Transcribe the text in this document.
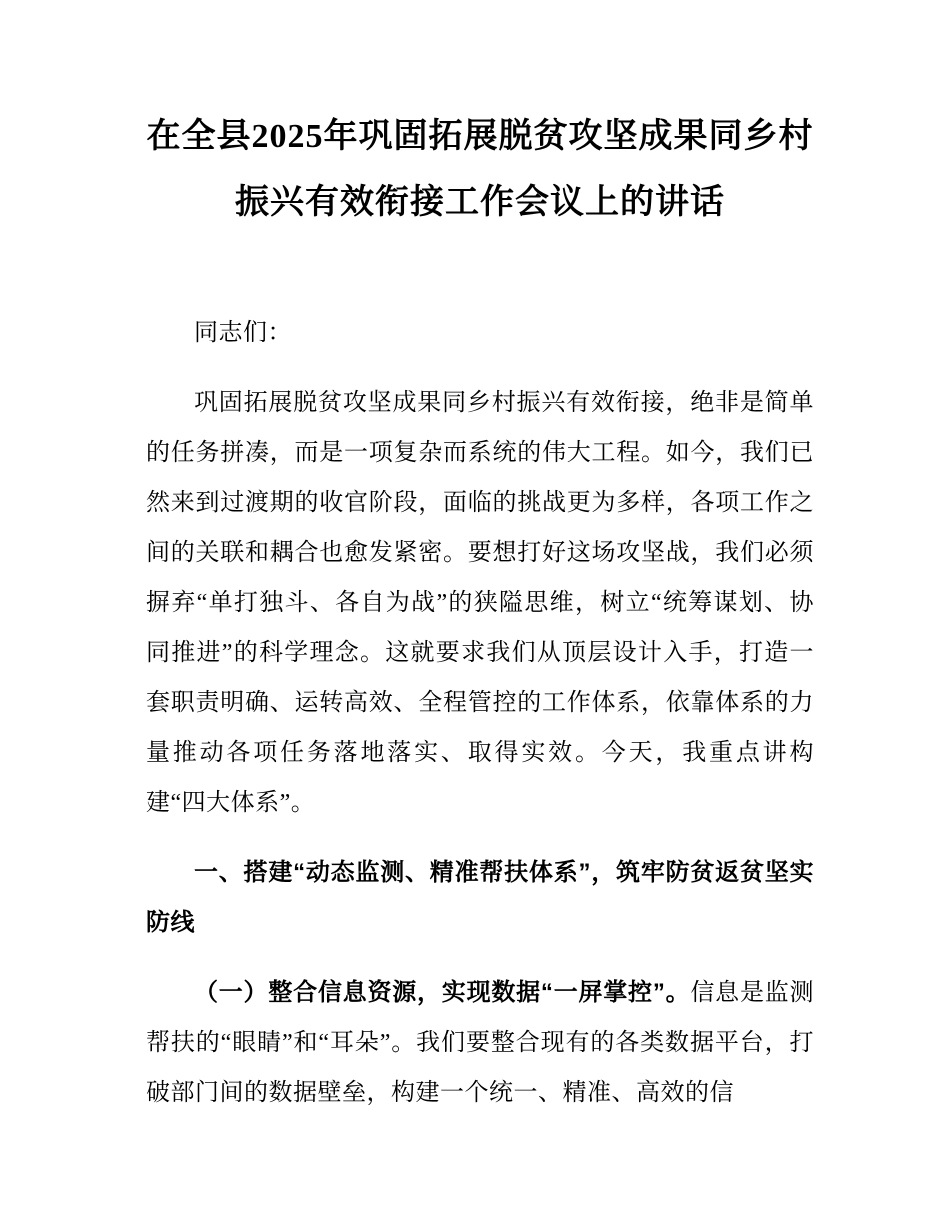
在全县2025年巩固拓展脱贫攻坚成果同乡村
振兴有效衔接工作会议上的讲话

同志们：

巩固拓展脱贫攻坚成果同乡村振兴有效衔接，绝非是简单的任务拼凑，而是一项复杂而系统的伟大工程。如今，我们已然来到过渡期的收官阶段，面临的挑战更为多样，各项工作之间的关联和耦合也愈发紧密。要想打好这场攻坚战，我们必须摒弃“单打独斗、各自为战”的狭隘思维，树立“统筹谋划、协同推进”的科学理念。这就要求我们从顶层设计入手，打造一套职责明确、运转高效、全程管控的工作体系，依靠体系的力量推动各项任务落地落实、取得实效。今天，我重点讲构建“四大体系”。

一、搭建“动态监测、精准帮扶体系”，筑牢防贫返贫坚实防线

（一）整合信息资源，实现数据“一屏掌控”。信息是监测帮扶的“眼睛”和“耳朵”。我们要整合现有的各类数据平台，打破部门间的数据壁垒，构建一个统一、精准、高效的信
